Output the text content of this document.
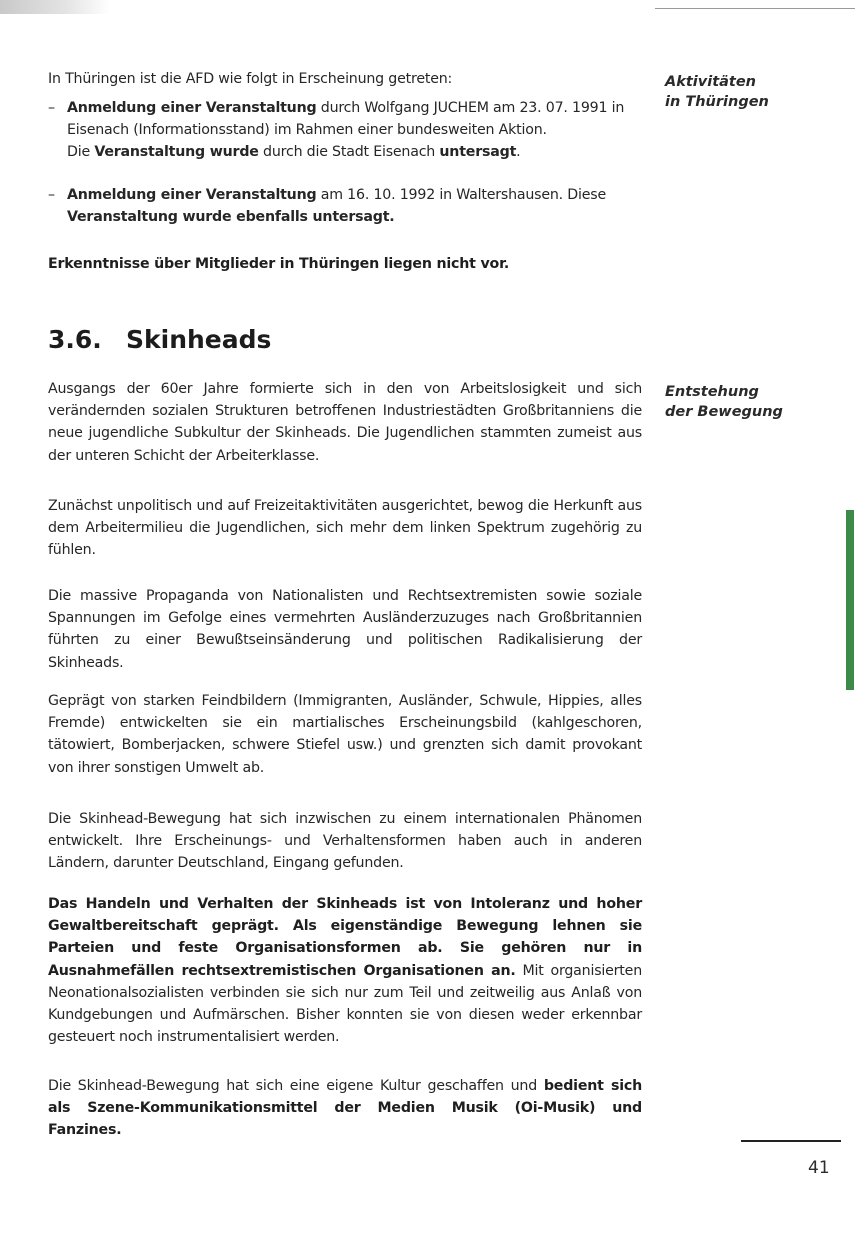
In Thüringen ist die AFD wie folgt in Erscheinung getreten:

– Anmeldung einer Veranstaltung durch Wolfgang JUCHEM am 23. 07. 1991 in Eisenach (Informationsstand) im Rahmen einer bundesweiten Aktion.
Die Veranstaltung wurde durch die Stadt Eisenach untersagt.
– Anmeldung einer Veranstaltung am 16. 10. 1992 in Waltershausen. Diese Veranstaltung wurde ebenfalls untersagt.

Erkenntnisse über Mitglieder in Thüringen liegen nicht vor.

3.6. Skinheads

Ausgangs der 60er Jahre formierte sich in den von Arbeitslosigkeit und sich verändernden sozialen Strukturen betroffenen Industriestädten Großbritanniens die neue jugendliche Subkultur der Skinheads. Die Jugendlichen stammten zumeist aus der unteren Schicht der Arbeiterklasse.

Zunächst unpolitisch und auf Freizeitaktivitäten ausgerichtet, bewog die Herkunft aus dem Arbeitermilieu die Jugendlichen, sich mehr dem linken Spektrum zugehörig zu fühlen.

Die massive Propaganda von Nationalisten und Rechtsextremisten sowie soziale Spannungen im Gefolge eines vermehrten Ausländerzuzuges nach Großbritannien führten zu einer Bewußtseinsänderung und politischen Radikalisierung der Skinheads.

Geprägt von starken Feindbildern (Immigranten, Ausländer, Schwule, Hippies, alles Fremde) entwickelten sie ein martialisches Erscheinungsbild (kahlgeschoren, tätowiert, Bomberjacken, schwere Stiefel usw.) und grenzten sich damit provokant von ihrer sonstigen Umwelt ab.

Die Skinhead-Bewegung hat sich inzwischen zu einem internationalen Phänomen entwickelt. Ihre Erscheinungs- und Verhaltensformen haben auch in anderen Ländern, darunter Deutschland, Eingang gefunden.

Das Handeln und Verhalten der Skinheads ist von Intoleranz und hoher Gewaltbereitschaft geprägt. Als eigenständige Bewegung lehnen sie Parteien und feste Organisationsformen ab. Sie gehören nur in Ausnahmefällen rechtsextremistischen Organisationen an. Mit organisierten Neonationalsozialisten verbinden sie sich nur zum Teil und zeitweilig aus Anlaß von Kundgebungen und Aufmärschen. Bisher konnten sie von diesen weder erkennbar gesteuert noch instrumentalisiert werden.

Die Skinhead-Bewegung hat sich eine eigene Kultur geschaffen und bedient sich als Szene-Kommunikationsmittel der Medien Musik (Oi-Musik) und Fanzines.

Aktivitäten
in Thüringen
Entstehung
der Bewegung
41
